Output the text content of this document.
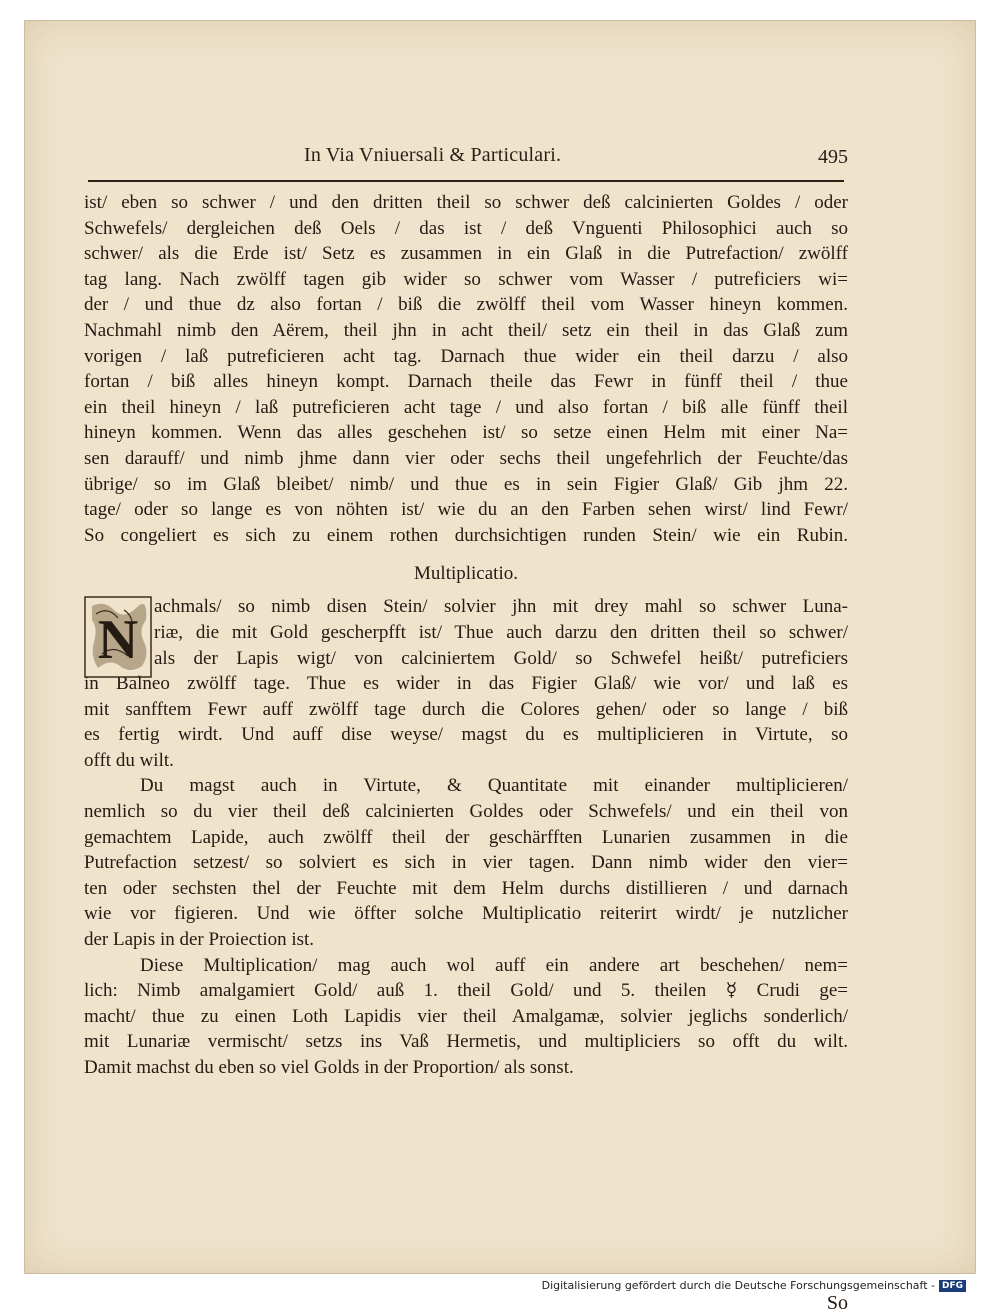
In Via Vniuersali & Particulari.	495
ist/ eben so schwer / und den dritten theil so schwer deß calcinierten Goldes / oder
Schwefels/ dergleichen deß Oels / das ist / deß Vnguenti Philosophici auch so
schwer/ als die Erde ist/ Setz es zusammen in ein Glaß in die Putrefaction/ zwölff
tag lang. Nach zwölff tagen gib wider so schwer vom Wasser / putreficiers wi=
der / und thue dz also fortan / biß die zwölff theil vom Wasser hineyn kommen.
Nachmahl nimb den Aërem, theil jhn in acht theil/ setz ein theil in das Glaß zum
vorigen / laß putreficieren acht tag. Darnach thue wider ein theil darzu / also
fortan / biß alles hineyn kompt. Darnach theile das Fewr in fünff theil / thue
ein theil hineyn / laß putreficieren acht tage / und also fortan / biß alle fünff theil
hineyn kommen. Wenn das alles geschehen ist/ so setze einen Helm mit einer Na=
sen darauff/ und nimb jhme dann vier oder sechs theil ungefehrlich der Feuchte/das
übrige/ so im Glaß bleibet/ nimb/ und thue es in sein Figier Glaß/ Gib jhm 22.
tage/ oder so lange es von nöhten ist/ wie du an den Farben sehen wirst/ lind Fewr/
So congeliert es sich zu einem rothen durchsichtigen runden Stein/ wie ein Rubin.
Multiplicatio.
N
achmals/ so nimb disen Stein/ solvier jhn mit drey mahl so schwer Luna-
riæ, die mit Gold gescherpfft ist/ Thue auch darzu den dritten theil so schwer/
als der Lapis wigt/ von calciniertem Gold/ so Schwefel heißt/ putreficiers
in Balneo zwölff tage. Thue es wider in das Figier Glaß/ wie vor/ und laß es
mit sanfftem Fewr auff zwölff tage durch die Colores gehen/ oder so lange / biß
es fertig wirdt. Und auff dise weyse/ magst du es multiplicieren in Virtute, so
offt du wilt.
Du magst auch in Virtute, & Quantitate mit einander multiplicieren/
nemlich so du vier theil deß calcinierten Goldes oder Schwefels/ und ein theil von
gemachtem Lapide, auch zwölff theil der geschärfften Lunarien zusammen in die
Putrefaction setzest/ so solviert es sich in vier tagen. Dann nimb wider den vier=
ten oder sechsten thel der Feuchte mit dem Helm durchs distillieren / und darnach
wie vor figieren. Und wie öffter solche Multiplicatio reiterirt wirdt/ je nutzlicher
der Lapis in der Proiection ist.
Diese Multiplication/ mag auch wol auff ein andere art beschehen/ nem=
lich: Nimb amalgamiert Gold/ auß 1. theil Gold/ und 5. theilen ☿ Crudi ge=
macht/ thue zu einen Loth Lapidis vier theil Amalgamæ, solvier jeglichs sonderlich/
mit Lunariæ vermischt/ setzs ins Vaß Hermetis, und multipliciers so offt du wilt.
Damit machst du eben so viel Golds in der Proportion/ als sonst.
So
Digitalisierung gefördert durch die Deutsche Forschungsgemeinschaft - DFG
